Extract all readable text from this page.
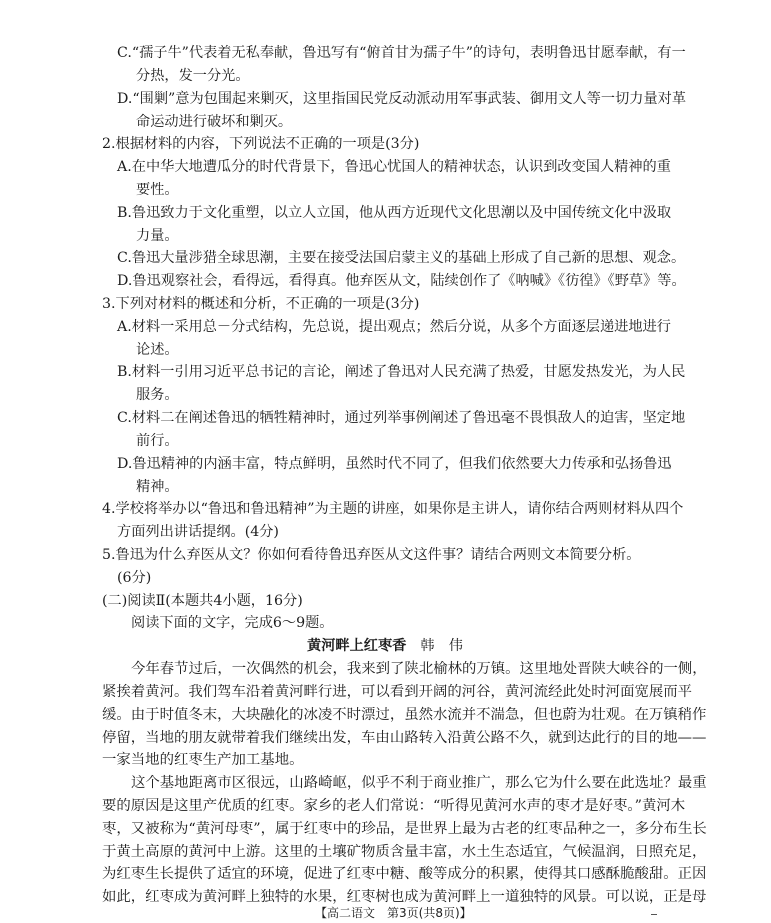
C.“孺子牛”代表着无私奉献，鲁迅写有“俯首甘为孺子牛”的诗句，表明鲁迅甘愿奉献，有一
分热，发一分光。
D.“围剿”意为包围起来剿灭，这里指国民党反动派动用军事武装、御用文人等一切力量对革
命运动进行破坏和剿灭。
2.根据材料的内容，下列说法不正确的一项是(3分)
A.在中华大地遭瓜分的时代背景下，鲁迅心忧国人的精神状态，认识到改变国人精神的重
要性。
B.鲁迅致力于文化重塑，以立人立国，他从西方近现代文化思潮以及中国传统文化中汲取
力量。
C.鲁迅大量涉猎全球思潮，主要在接受法国启蒙主义的基础上形成了自己新的思想、观念。
D.鲁迅观察社会，看得远，看得真。他弃医从文，陆续创作了《呐喊》《彷徨》《野草》等。
3.下列对材料的概述和分析，不正确的一项是(3分)
A.材料一采用总－分式结构，先总说，提出观点；然后分说，从多个方面逐层递进地进行
论述。
B.材料一引用习近平总书记的言论，阐述了鲁迅对人民充满了热爱，甘愿发热发光，为人民
服务。
C.材料二在阐述鲁迅的牺牲精神时，通过列举事例阐述了鲁迅毫不畏惧敌人的迫害，坚定地
前行。
D.鲁迅精神的内涵丰富，特点鲜明，虽然时代不同了，但我们依然要大力传承和弘扬鲁迅
精神。
4.学校将举办以“鲁迅和鲁迅精神”为主题的讲座，如果你是主讲人，请你结合两则材料从四个
方面列出讲话提纲。(4分)
5.鲁迅为什么弃医从文？你如何看待鲁迅弃医从文这件事？请结合两则文本简要分析。
(6分)
(二)阅读Ⅱ(本题共4小题，16分)
阅读下面的文字，完成6～9题。
黄河畔上红枣香 韩　伟
今年春节过后，一次偶然的机会，我来到了陕北榆林的万镇。这里地处晋陕大峡谷的一侧，
紧挨着黄河。我们驾车沿着黄河畔行进，可以看到开阔的河谷，黄河流经此处时河面宽展而平
缓。由于时值冬末，大块融化的冰凌不时漂过，虽然水流并不湍急，但也蔚为壮观。在万镇稍作
停留，当地的朋友就带着我们继续出发，车由山路转入沿黄公路不久，就到达此行的目的地——
一家当地的红枣生产加工基地。
这个基地距离市区很远，山路崎岖，似乎不利于商业推广，那么它为什么要在此选址？最重
要的原因是这里产优质的红枣。家乡的老人们常说：“听得见黄河水声的枣才是好枣。”黄河木
枣，又被称为“黄河母枣”，属于红枣中的珍品，是世界上最为古老的红枣品种之一，多分布生长
于黄土高原的黄河中上游。这里的土壤矿物质含量丰富，水土生态适宜，气候温润，日照充足，
为红枣生长提供了适宜的环境，促进了红枣中糖、酸等成分的积累，使得其口感酥脆酸甜。正因
如此，红枣成为黄河畔上独特的水果，红枣树也成为黄河畔上一道独特的风景。可以说，正是母
【高二语文　第3页(共8页)】
